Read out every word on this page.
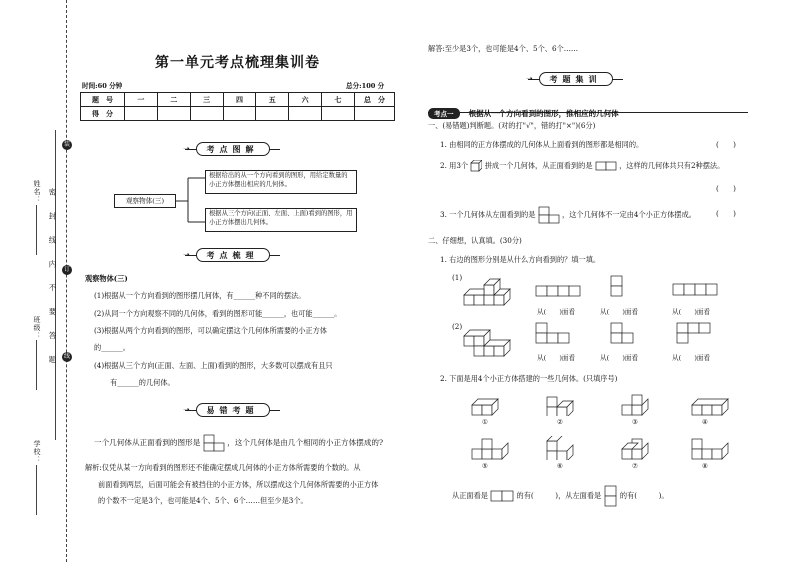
姓名：
班级：
学校：
密 封 线 内 不 要 答 题
装
订
线
第一单元考点梳理集训卷
时间:60 分钟	总分:100 分
题　号	一	二	三	四	五	六	七	总　分
得　分								
➝	考点图解
观察物体(三)
根据给出的从一个方向看到的图形，用给定数量的小正方体摆出相应的几何体。
根据从三个方向(正面、左面、上面)看到的图形，用小正方体摆出几何体。
➝	考点梳理
观察物体(三)
(1)根据从一个方向看到的图形摆几何体，有______种不同的摆法。
(2)从同一个方向观察不同的几何体，看到的图形可能______，也可能______。
(3)根据从两个方向看到的图形，可以确定摆这个几何体所需要的小正方体
的______。
(4)根据从三个方向(正面、左面、上面)看到的图形，大多数可以摆成有且只
有______的几何体。
➝	易错考题
一个几何体从正面看到的图形是	，这个几何体是由几个相同的小正方体摆成的?
解析:仅凭从某一方向看到的图形还不能确定摆成几何体的小正方体所需要的个数的。从
前面看到两层，后面可能会有被挡住的小正方体，所以摆成这个几何体所需要的小正方体
的个数不一定是3个，也可能是4个、5个、6个……但至少是3个。
解答:至少是3个，也可能是4个、5个、6个……
➝	考题集训
考点一 根据从一个方向看到的图形，推相应的几何体
一、(易错题)判断题。(对的打"√"，错的打"×")(6分)
1. 由相同的正方体摆成的几何体从上面看到的图形都是相同的。	(　　)
2. 用3个 拼成一个几何体，从正面看到的是	，这样的几何体共只有2种摆法。
(　　)
3. 一个几何体从左面看到的是	，这个几何体不一定由4个小正方体摆成。	(　　)
二、仔细想，认真填。(30分)
1. 右边的图形分别是从什么方向看到的？填一填。
(1)
从(　　)面看	从(　　)面看	从(　　)面看
(2)
从(　　)面看	从(　　)面看	从(　　)面看
2. 下面是用4个小正方体搭建的一些几何体。(只填序号)
①	②	③	④
⑤	⑥	⑦	⑧
从正面看是	的有(　　　)，从左面看是	的有(　　　)。
